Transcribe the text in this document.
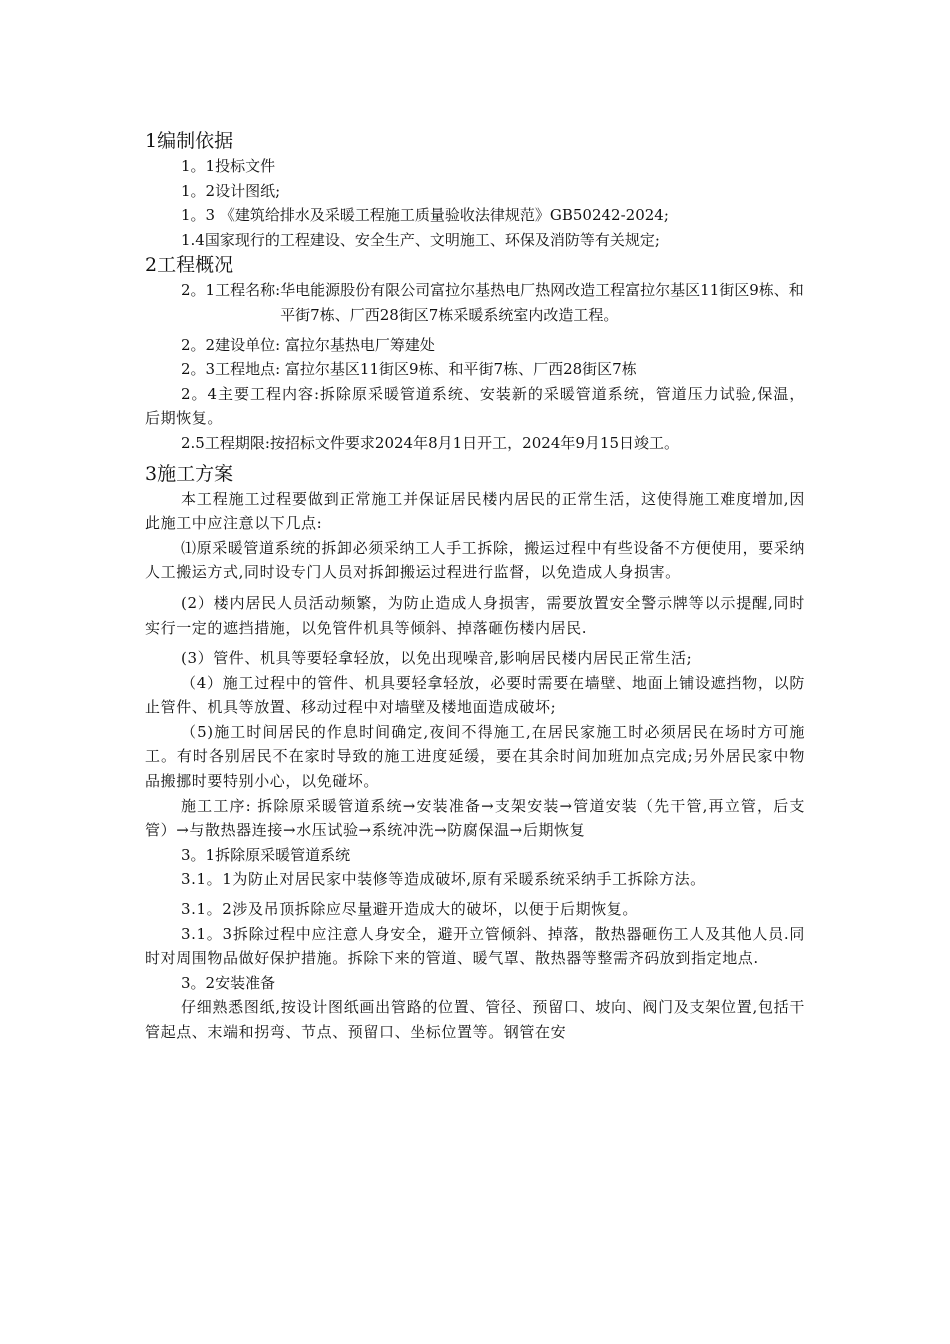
1编制依据
1。1投标文件
1。2设计图纸;
1。3 《建筑给排水及采暖工程施工质量验收法律规范》GB50242-2024;
1.4国家现行的工程建设、安全生产、文明施工、环保及消防等有关规定;
2工程概况
2。1工程名称: 华电能源股份有限公司富拉尔基热电厂热网改造工程富拉尔基区11街区9栋、和平街7栋、厂西28街区7栋采暖系统室内改造工程。
2。2建设单位: 富拉尔基热电厂筹建处
2。3工程地点: 富拉尔基区11街区9栋、和平街7栋、厂西28街区7栋
2。4主要工程内容:拆除原采暖管道系统、安装新的采暖管道系统，管道压力试验,保温，后期恢复。
2.5工程期限: 按招标文件要求2024年8月1日开工，2024年9月15日竣工。
3施工方案
本工程施工过程要做到正常施工并保证居民楼内居民的正常生活，这使得施工难度增加,因此施工中应注意以下几点:
⑴原采暖管道系统的拆卸必须采纳工人手工拆除，搬运过程中有些设备不方便使用，要采纳人工搬运方式,同时设专门人员对拆卸搬运过程进行监督，以免造成人身损害。
(2）楼内居民人员活动频繁，为防止造成人身损害，需要放置安全警示牌等以示提醒,同时实行一定的遮挡措施，以免管件机具等倾斜、掉落砸伤楼内居民.
(3）管件、机具等要轻拿轻放，以免出现噪音,影响居民楼内居民正常生活;
（4）施工过程中的管件、机具要轻拿轻放，必要时需要在墙壁、地面上铺设遮挡物，以防止管件、机具等放置、移动过程中对墙壁及楼地面造成破坏;
（5)施工时间居民的作息时间确定,夜间不得施工,在居民家施工时必须居民在场时方可施工。有时各别居民不在家时导致的施工进度延缓，要在其余时间加班加点完成;另外居民家中物品搬挪时要特别小心，以免碰坏。
施工工序: 拆除原采暖管道系统→安装准备→支架安装→管道安装（先干管,再立管，后支管）→与散热器连接→水压试验→系统冲洗→防腐保温→后期恢复
3。1拆除原采暖管道系统
3.1。1为防止对居民家中装修等造成破坏,原有采暖系统采纳手工拆除方法。
3.1。2涉及吊顶拆除应尽量避开造成大的破坏，以便于后期恢复。
3.1。3拆除过程中应注意人身安全，避开立管倾斜、掉落，散热器砸伤工人及其他人员.同时对周围物品做好保护措施。拆除下来的管道、暖气罩、散热器等整需齐码放到指定地点.
3。2安装准备
仔细熟悉图纸,按设计图纸画出管路的位置、管径、预留口、坡向、阀门及支架位置,包括干管起点、末端和拐弯、节点、预留口、坐标位置等。钢管在安
